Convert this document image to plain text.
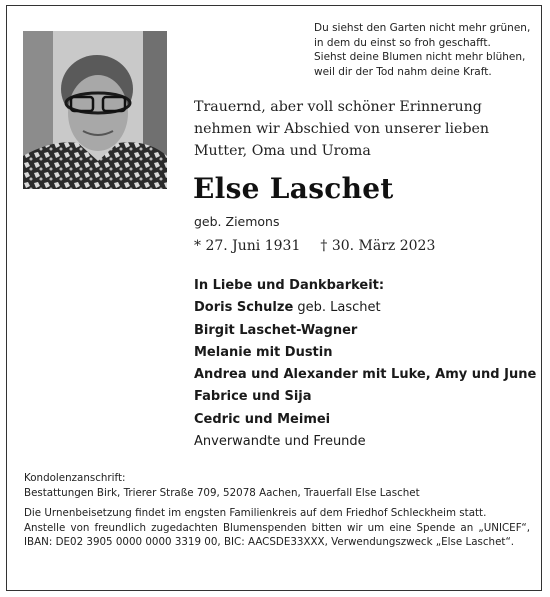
Du siehst den Garten nicht mehr grünen,
in dem du einst so froh geschafft.
Siehst deine Blumen nicht mehr blühen,
weil dir der Tod nahm deine Kraft.
Trauernd, aber voll schöner Erinnerung nehmen wir Abschied von unserer lieben Mutter, Oma und Uroma
Else Laschet
geb. Ziemons
* 27. Juni 1931 † 30. März 2023
In Liebe und Dankbarkeit:
Doris Schulze geb. Laschet
Birgit Laschet-Wagner
Melanie mit Dustin
Andrea und Alexander mit Luke, Amy und June
Fabrice und Sija
Cedric und Meimei
Anverwandte und Freunde
Kondolenzanschrift:
Bestattungen Birk, Trierer Straße 709, 52078 Aachen, Trauerfall Else Laschet
Die Urnenbeisetzung findet im engsten Familienkreis auf dem Friedhof Schleckheim statt.
Anstelle von freundlich zugedachten Blumenspenden bitten wir um eine Spende an „UNICEF“, IBAN: DE02 3905 0000 0000 3319 00, BIC: AACSDE33XXX, Verwendungszweck „Else Laschet“.
